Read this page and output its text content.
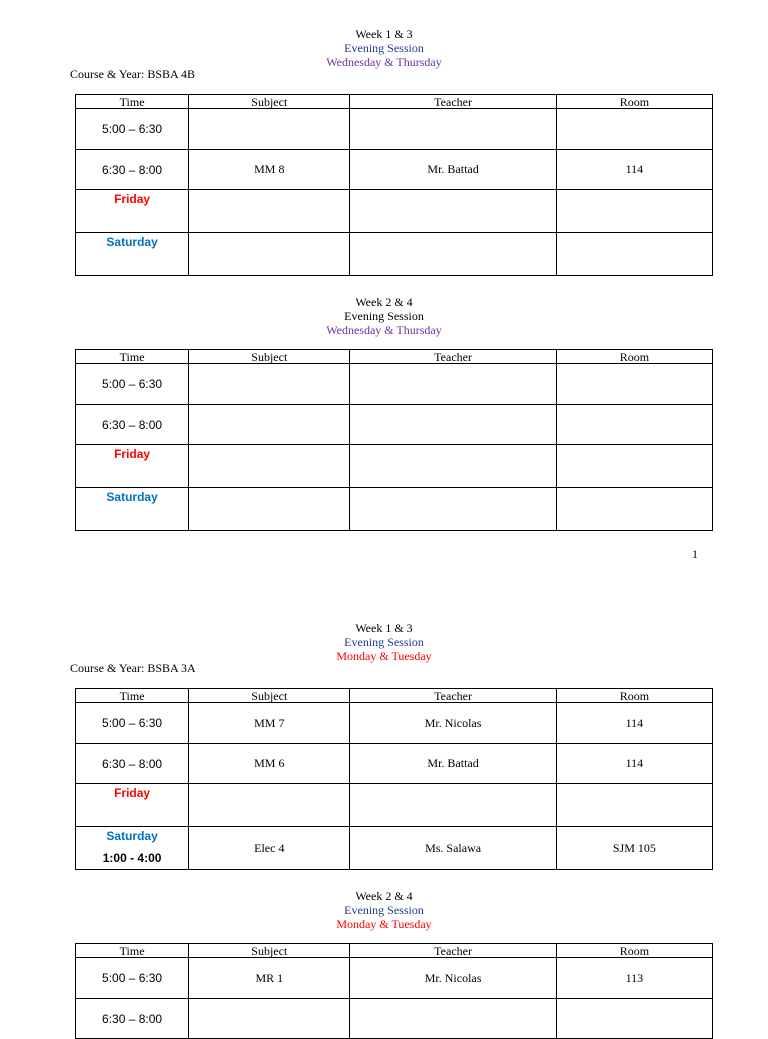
Week 1 & 3
Evening Session
Wednesday & Thursday
Course & Year: BSBA 4B
Time	Subject	Teacher	Room
5:00 – 6:30			
6:30 – 8:00	MM 8	Mr. Battad	114
Friday			

Saturday			

Week 2 & 4
Evening Session
Wednesday & Thursday
Time	Subject	Teacher	Room
5:00 – 6:30			
6:30 – 8:00			
Friday			

Saturday			

1
Week 1 & 3
Evening Session
Monday & Tuesday
Course & Year: BSBA 3A
Time	Subject	Teacher	Room
5:00 – 6:30	MM 7	Mr. Nicolas	114
6:30 – 8:00	MM 6	Mr. Battad	114
Friday			

Saturday
1:00 - 4:00	Elec 4	Ms. Salawa	SJM 105
Week 2 & 4
Evening Session
Monday & Tuesday
Time	Subject	Teacher	Room
5:00 – 6:30	MR 1	Mr. Nicolas	113
6:30 – 8:00			
